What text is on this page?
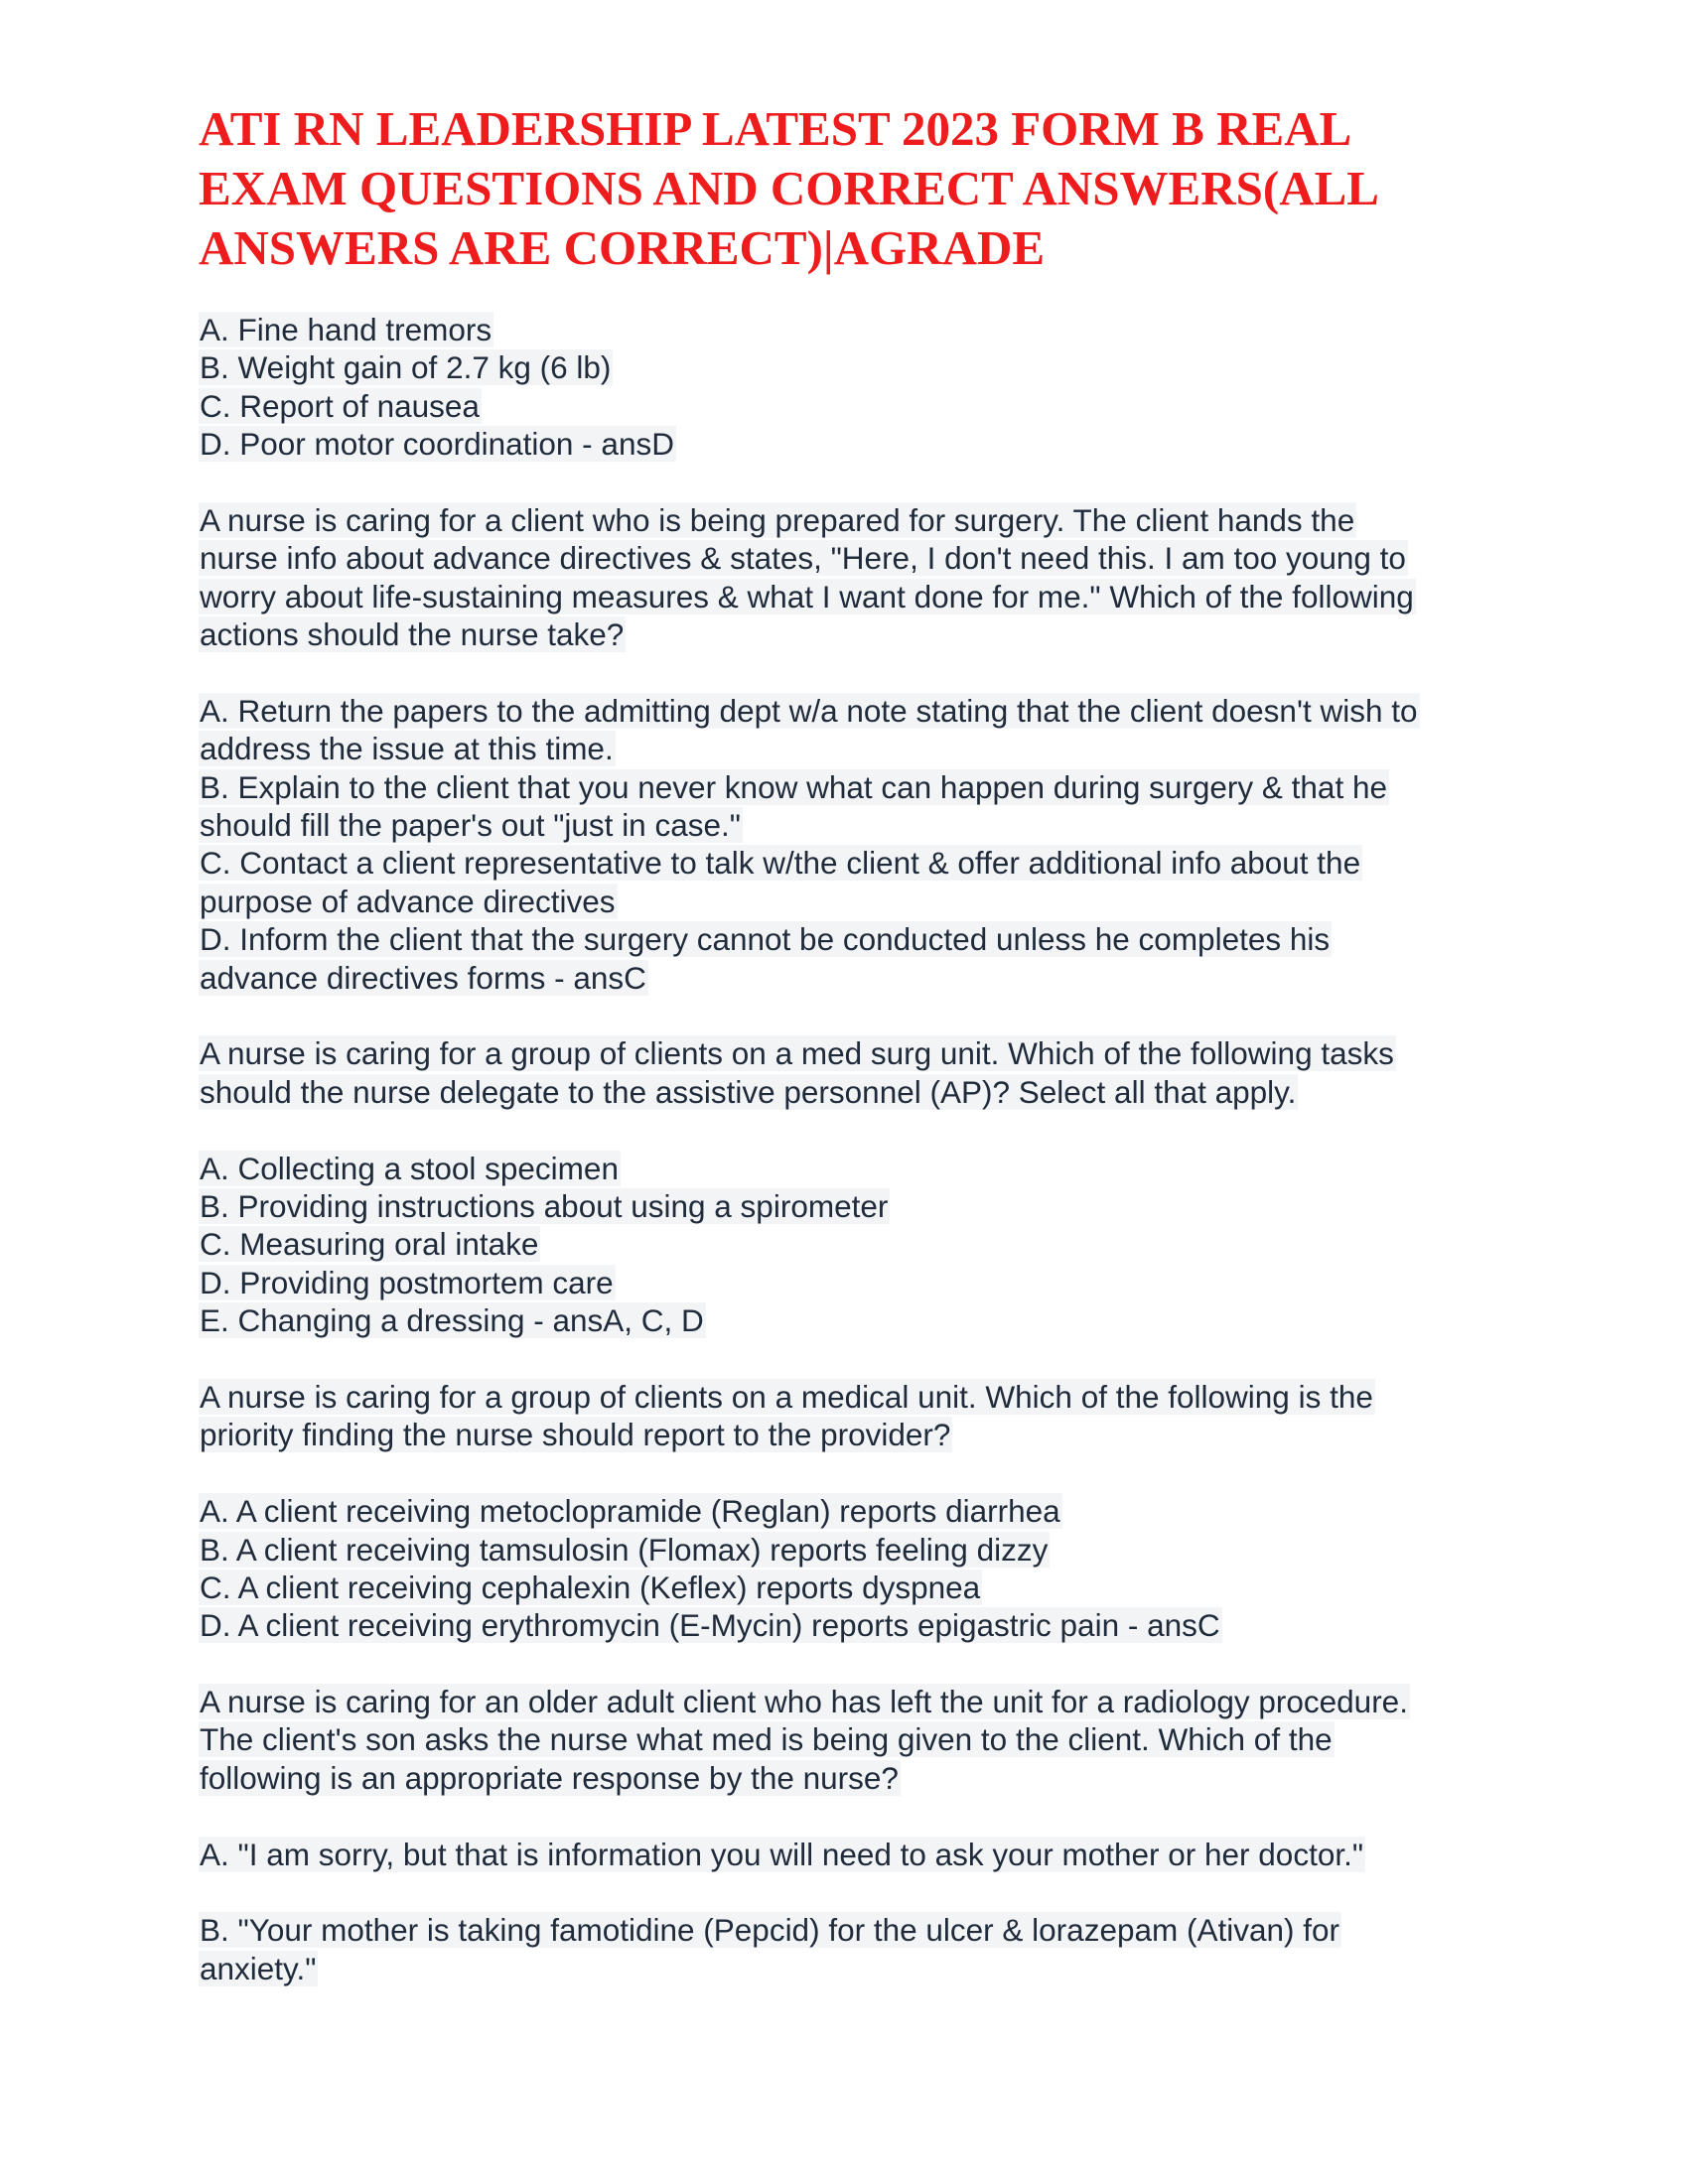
ATI RN LEADERSHIP LATEST 2023 FORM B REAL
EXAM QUESTIONS AND CORRECT ANSWERS(ALL
ANSWERS ARE CORRECT)|AGRADE
A. Fine hand tremors
B. Weight gain of 2.7 kg (6 lb)
C. Report of nausea
D. Poor motor coordination - ansD
A nurse is caring for a client who is being prepared for surgery. The client hands the
nurse info about advance directives & states, "Here, I don't need this. I am too young to
worry about life-sustaining measures & what I want done for me." Which of the following
actions should the nurse take?
A. Return the papers to the admitting dept w/a note stating that the client doesn't wish to
address the issue at this time.
B. Explain to the client that you never know what can happen during surgery & that he
should fill the paper's out "just in case."
C. Contact a client representative to talk w/the client & offer additional info about the
purpose of advance directives
D. Inform the client that the surgery cannot be conducted unless he completes his
advance directives forms - ansC
A nurse is caring for a group of clients on a med surg unit. Which of the following tasks
should the nurse delegate to the assistive personnel (AP)? Select all that apply.
A. Collecting a stool specimen
B. Providing instructions about using a spirometer
C. Measuring oral intake
D. Providing postmortem care
E. Changing a dressing - ansA, C, D
A nurse is caring for a group of clients on a medical unit. Which of the following is the
priority finding the nurse should report to the provider?
A. A client receiving metoclopramide (Reglan) reports diarrhea
B. A client receiving tamsulosin (Flomax) reports feeling dizzy
C. A client receiving cephalexin (Keflex) reports dyspnea
D. A client receiving erythromycin (E-Mycin) reports epigastric pain - ansC
A nurse is caring for an older adult client who has left the unit for a radiology procedure.
The client's son asks the nurse what med is being given to the client. Which of the
following is an appropriate response by the nurse?
A. "I am sorry, but that is information you will need to ask your mother or her doctor."
B. "Your mother is taking famotidine (Pepcid) for the ulcer & lorazepam (Ativan) for
anxiety."
